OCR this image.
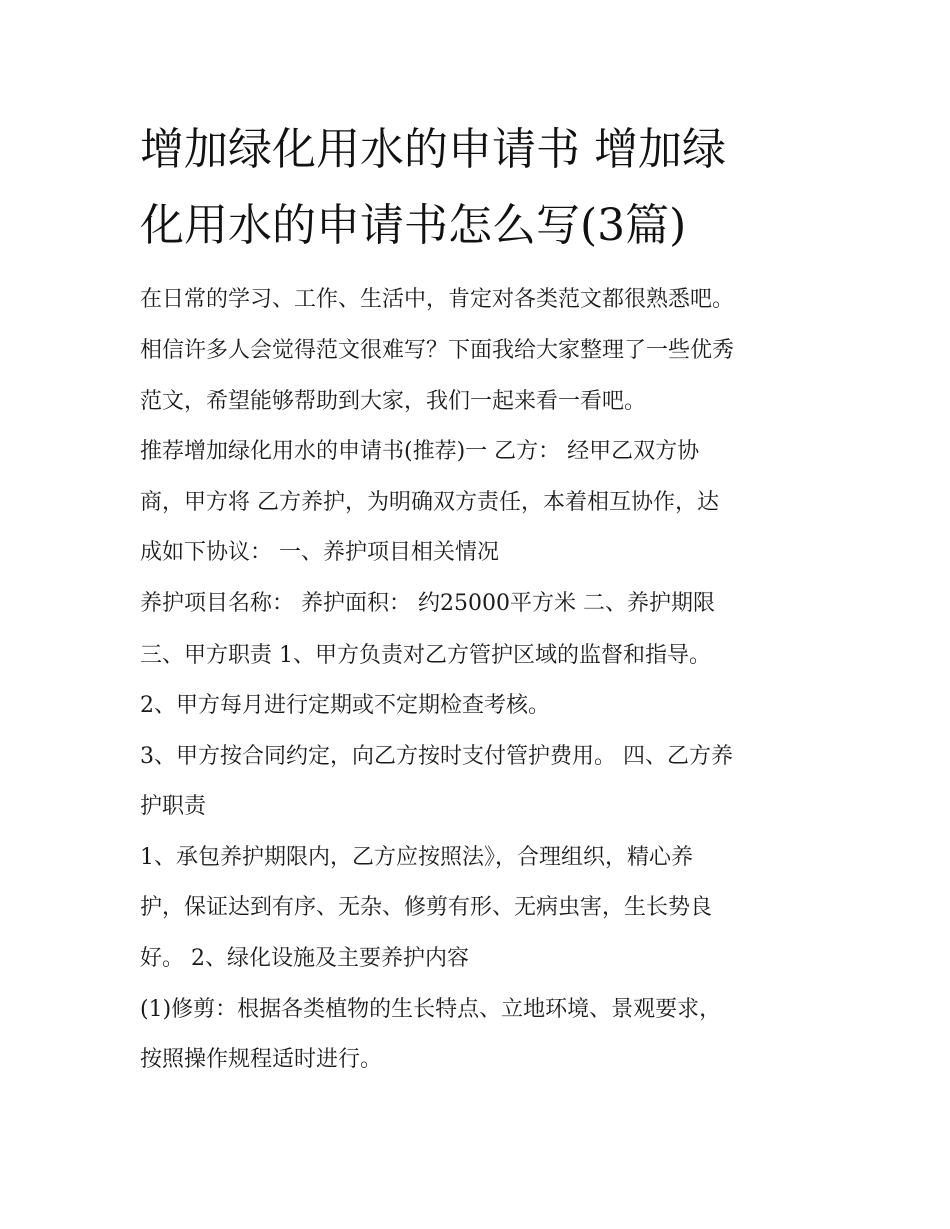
增加绿化用水的申请书 增加绿
化用水的申请书怎么写(3篇)

在日常的学习、工作、生活中，肯定对各类范文都很熟悉吧。

相信许多人会觉得范文很难写？下面我给大家整理了一些优秀

范文，希望能够帮助到大家，我们一起来看一看吧。

推荐增加绿化用水的申请书(推荐)一 乙方： 经甲乙双方协

商，甲方将 乙方养护，为明确双方责任，本着相互协作，达

成如下协议： 一、养护项目相关情况

养护项目名称： 养护面积： 约25000平方米 二、养护期限

三、甲方职责 1、甲方负责对乙方管护区域的监督和指导。

2、甲方每月进行定期或不定期检查考核。

3、甲方按合同约定，向乙方按时支付管护费用。 四、乙方养

护职责

1、承包养护期限内，乙方应按照法》，合理组织，精心养

护，保证达到有序、无杂、修剪有形、无病虫害，生长势良

好。 2、绿化设施及主要养护内容

(1)修剪：根据各类植物的生长特点、立地环境、景观要求，

按照操作规程适时进行。
